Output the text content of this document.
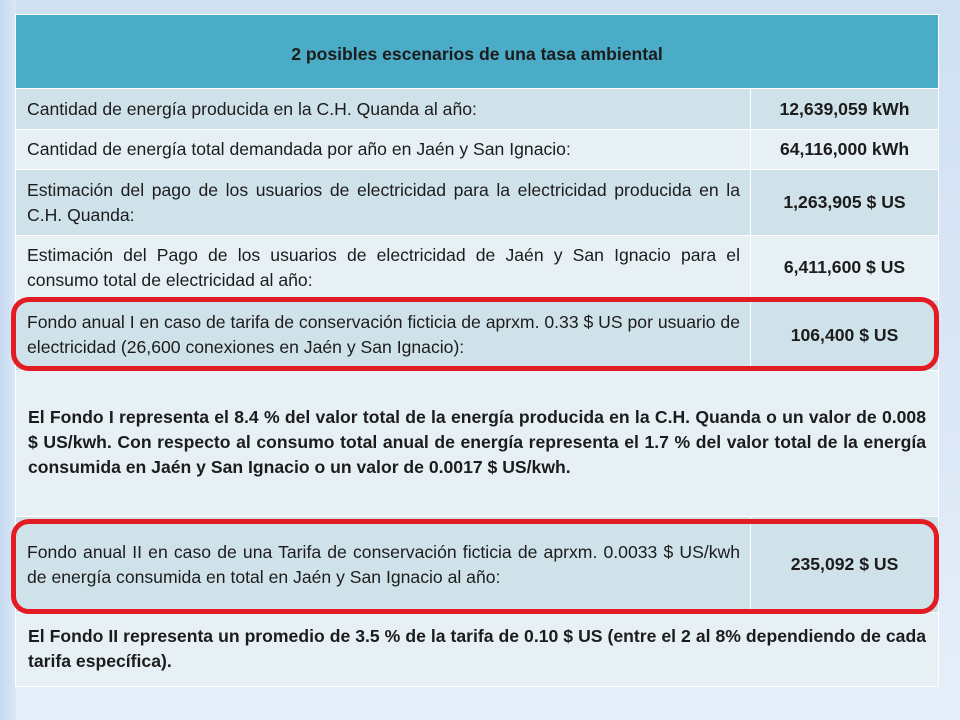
2 posibles escenarios de una tasa ambiental	
Cantidad de energía producida en la C.H. Quanda al año:	12,639,059 kWh
Cantidad de energía total demandada por año en Jaén y San Ignacio:	64,116,000 kWh
Estimación del pago de los usuarios de electricidad para la electricidad producida en la C.H. Quanda:	1,263,905 $ US
Estimación del Pago de los usuarios de electricidad de Jaén y San Ignacio para el consumo total de electricidad al año:	6,411,600 $ US
Fondo anual I en caso de tarifa de conservación ficticia de aprxm. 0.33 $ US por usuario de electricidad (26,600 conexiones en Jaén y San Ignacio):	106,400 $ US
El Fondo I representa el 8.4 % del valor total de la energía producida en la C.H. Quanda o un valor de 0.008 $ US/kwh. Con respecto al consumo total anual de energía representa el 1.7 % del valor total de la energía consumida en Jaén y San Ignacio o un valor de 0.0017 $ US/kwh.	
Fondo anual II en caso de una Tarifa de conservación ficticia de aprxm. 0.0033 $ US/kwh de energía consumida en total en Jaén y San Ignacio al año:	235,092 $ US
El Fondo II representa un promedio de 3.5 % de la tarifa de 0.10 $ US (entre el 2 al 8% dependiendo de cada tarifa específica).	
